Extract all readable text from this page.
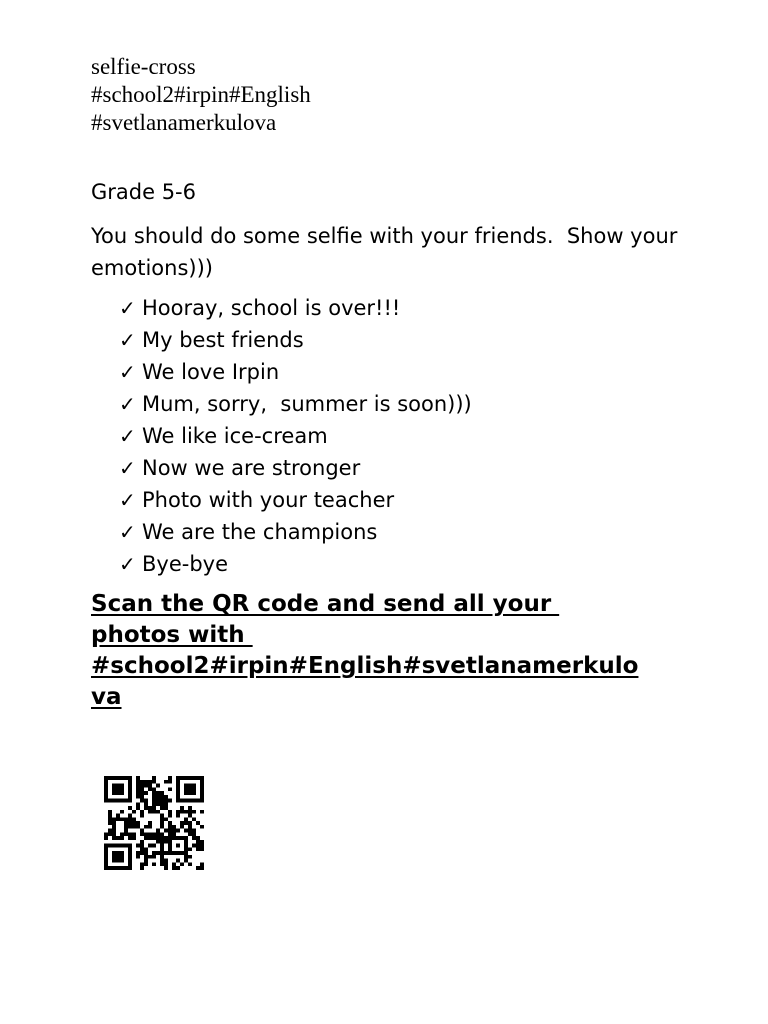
selfie-cross
#school2#irpin#English
#svetlanamerkulova
Grade 5-6
You should do some selfie with your friends.  Show your
emotions)))
✓ Hooray, school is over!!!
✓ My best friends
✓ We love Irpin
✓ Mum, sorry,  summer is soon)))
✓ We like ice-cream
✓ Now we are stronger
✓ Photo with your teacher
✓ We are the champions
✓ Bye-bye
Scan the QR code and send all your
photos with
#school2#irpin#English#svetlanamerkulo
va
